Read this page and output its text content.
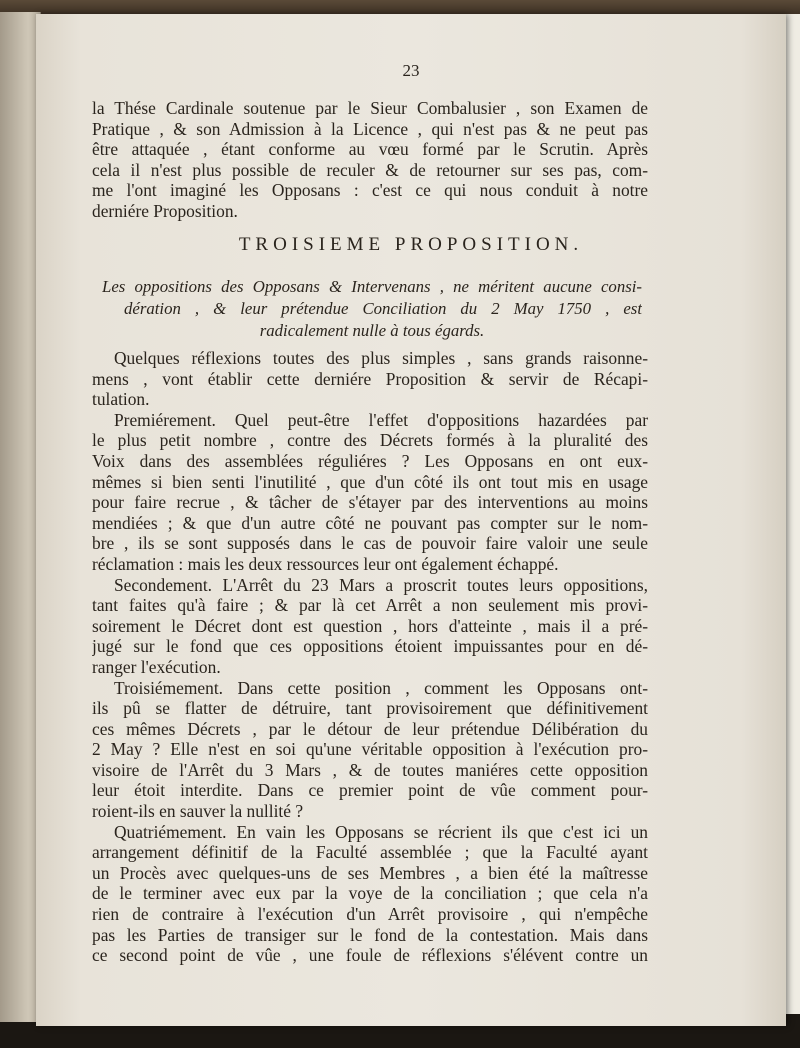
23
la Thése Cardinale soutenue par le Sieur Combalusier , son Examen de
Pratique , & son Admission à la Licence , qui n'est pas & ne peut pas
être attaquée , étant conforme au vœu formé par le Scrutin. Après
cela il n'est plus possible de reculer & de retourner sur ses pas, com-
me l'ont imaginé les Opposans : c'est ce qui nous conduit à notre
derniére Proposition.
TROISIEME PROPOSITION.
Les oppositions des Opposans & Intervenans , ne méritent aucune consi-
dération , & leur prétendue Conciliation du 2 May 1750 , est
radicalement nulle à tous égards.
Quelques réflexions toutes des plus simples , sans grands raisonne-
mens , vont établir cette derniére Proposition & servir de Récapi-
tulation.
Premiérement. Quel peut-être l'effet d'oppositions hazardées par
le plus petit nombre , contre des Décrets formés à la pluralité des
Voix dans des assemblées réguliéres ? Les Opposans en ont eux-
mêmes si bien senti l'inutilité , que d'un côté ils ont tout mis en usage
pour faire recrue , & tâcher de s'étayer par des interventions au moins
mendiées ; & que d'un autre côté ne pouvant pas compter sur le nom-
bre , ils se sont supposés dans le cas de pouvoir faire valoir une seule
réclamation : mais les deux ressources leur ont également échappé.
Secondement. L'Arrêt du 23 Mars a proscrit toutes leurs oppositions,
tant faites qu'à faire ; & par là cet Arrêt a non seulement mis provi-
soirement le Décret dont est question , hors d'atteinte , mais il a pré-
jugé sur le fond que ces oppositions étoient impuissantes pour en dé-
ranger l'exécution.
Troisiémement. Dans cette position , comment les Opposans ont-
ils pû se flatter de détruire, tant provisoirement que définitivement
ces mêmes Décrets , par le détour de leur prétendue Délibération du
2 May ? Elle n'est en soi qu'une véritable opposition à l'exécution pro-
visoire de l'Arrêt du 3 Mars , & de toutes maniéres cette opposition
leur étoit interdite. Dans ce premier point de vûe comment pour-
roient-ils en sauver la nullité ?
Quatriémement. En vain les Opposans se récrient ils que c'est ici un
arrangement définitif de la Faculté assemblée ; que la Faculté ayant
un Procès avec quelques-uns de ses Membres , a bien été la maîtresse
de le terminer avec eux par la voye de la conciliation ; que cela n'a
rien de contraire à l'exécution d'un Arrêt provisoire , qui n'empêche
pas les Parties de transiger sur le fond de la contestation. Mais dans
ce second point de vûe , une foule de réflexions s'élévent contre un
